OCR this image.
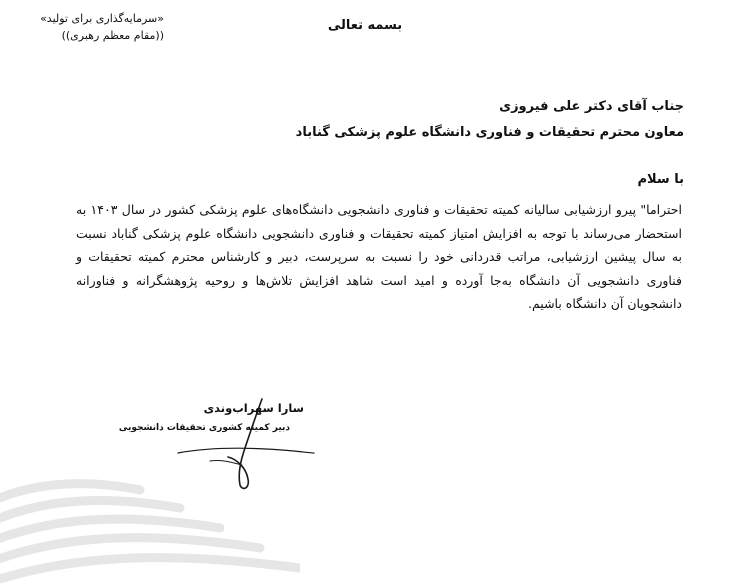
بسمه تعالی
«سرمایه‌گذاری برای تولید»
((مقام معظم رهبری))
جناب آقای دکتر علی فیروزی
معاون محترم تحقیقات و فناوری دانشگاه علوم پزشکی گناباد
با سلام
احتراما" پیرو ارزشیابی سالیانه کمیته تحقیقات و فناوری دانشجویی دانشگاه‌های علوم پزشکی کشور در سال ۱۴۰۳ به استحضار می‌رساند با توجه به افزایش امتیاز کمیته تحقیقات و فناوری دانشجویی دانشگاه علوم پزشکی گناباد نسبت به سال پیشین ارزشیابی، مراتب قدردانی خود را نسبت به سرپرست، دبیر و کارشناس محترم کمیته تحقیقات و فناوری دانشجویی آن دانشگاه به‌جا آورده و امید است شاهد افزایش تلاش‌ها و روحیه پژوهشگرانه و فناورانه دانشجویان آن دانشگاه باشیم.
سارا سهراب‌وندی
دبیر کمیته کشوری تحقیقات دانشجویی
